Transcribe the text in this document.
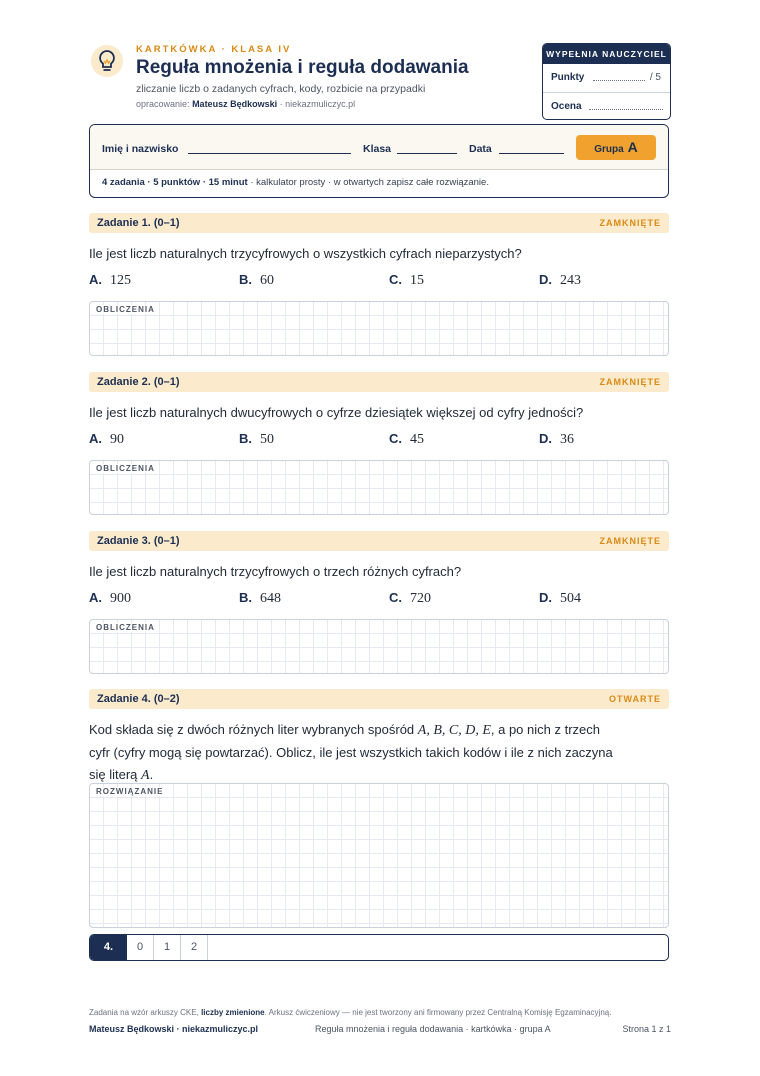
KARTKÓWKA · KLASA IV
Reguła mnożenia i reguła dodawania
zliczanie liczb o zadanych cyfrach, kody, rozbicie na przypadki
opracowanie: Mateusz Będkowski · niekazmuliczyc.pl
WYPEŁNIA NAUCZYCIEL
Punkty	/ 5
Ocena
Imię i nazwisko	Klasa	Data	Grupa A
4 zadania · 5 punktów · 15 minut · kalkulator prosty · w otwartych zapisz całe rozwiązanie.
Zadanie 1. (0–1)	ZAMKNIĘTE
Ile jest liczb naturalnych trzycyfrowych o wszystkich cyfrach nieparzystych?
A. 125	B. 60	C. 15	D. 243
OBLICZENIA
Zadanie 2. (0–1)	ZAMKNIĘTE
Ile jest liczb naturalnych dwucyfrowych o cyfrze dziesiątek większej od cyfry jedności?
A. 90	B. 50	C. 45	D. 36
OBLICZENIA
Zadanie 3. (0–1)	ZAMKNIĘTE
Ile jest liczb naturalnych trzycyfrowych o trzech różnych cyfrach?
A. 900	B. 648	C. 720	D. 504
OBLICZENIA
Zadanie 4. (0–2)	OTWARTE
Kod składa się z dwóch różnych liter wybranych spośród A, B, C, D, E, a po nich z trzech
cyfr (cyfry mogą się powtarzać). Oblicz, ile jest wszystkich takich kodów i ile z nich zaczyna
się literą A.
ROZWIĄZANIE
4.	0	1	2
Zadania na wzór arkuszy CKE, liczby zmienione. Arkusz ćwiczeniowy — nie jest tworzony ani firmowany przez Centralną Komisję Egzaminacyjną.
Mateusz Będkowski · niekazmuliczyc.pl	Reguła mnożenia i reguła dodawania · kartkówka · grupa A	Strona 1 z 1
